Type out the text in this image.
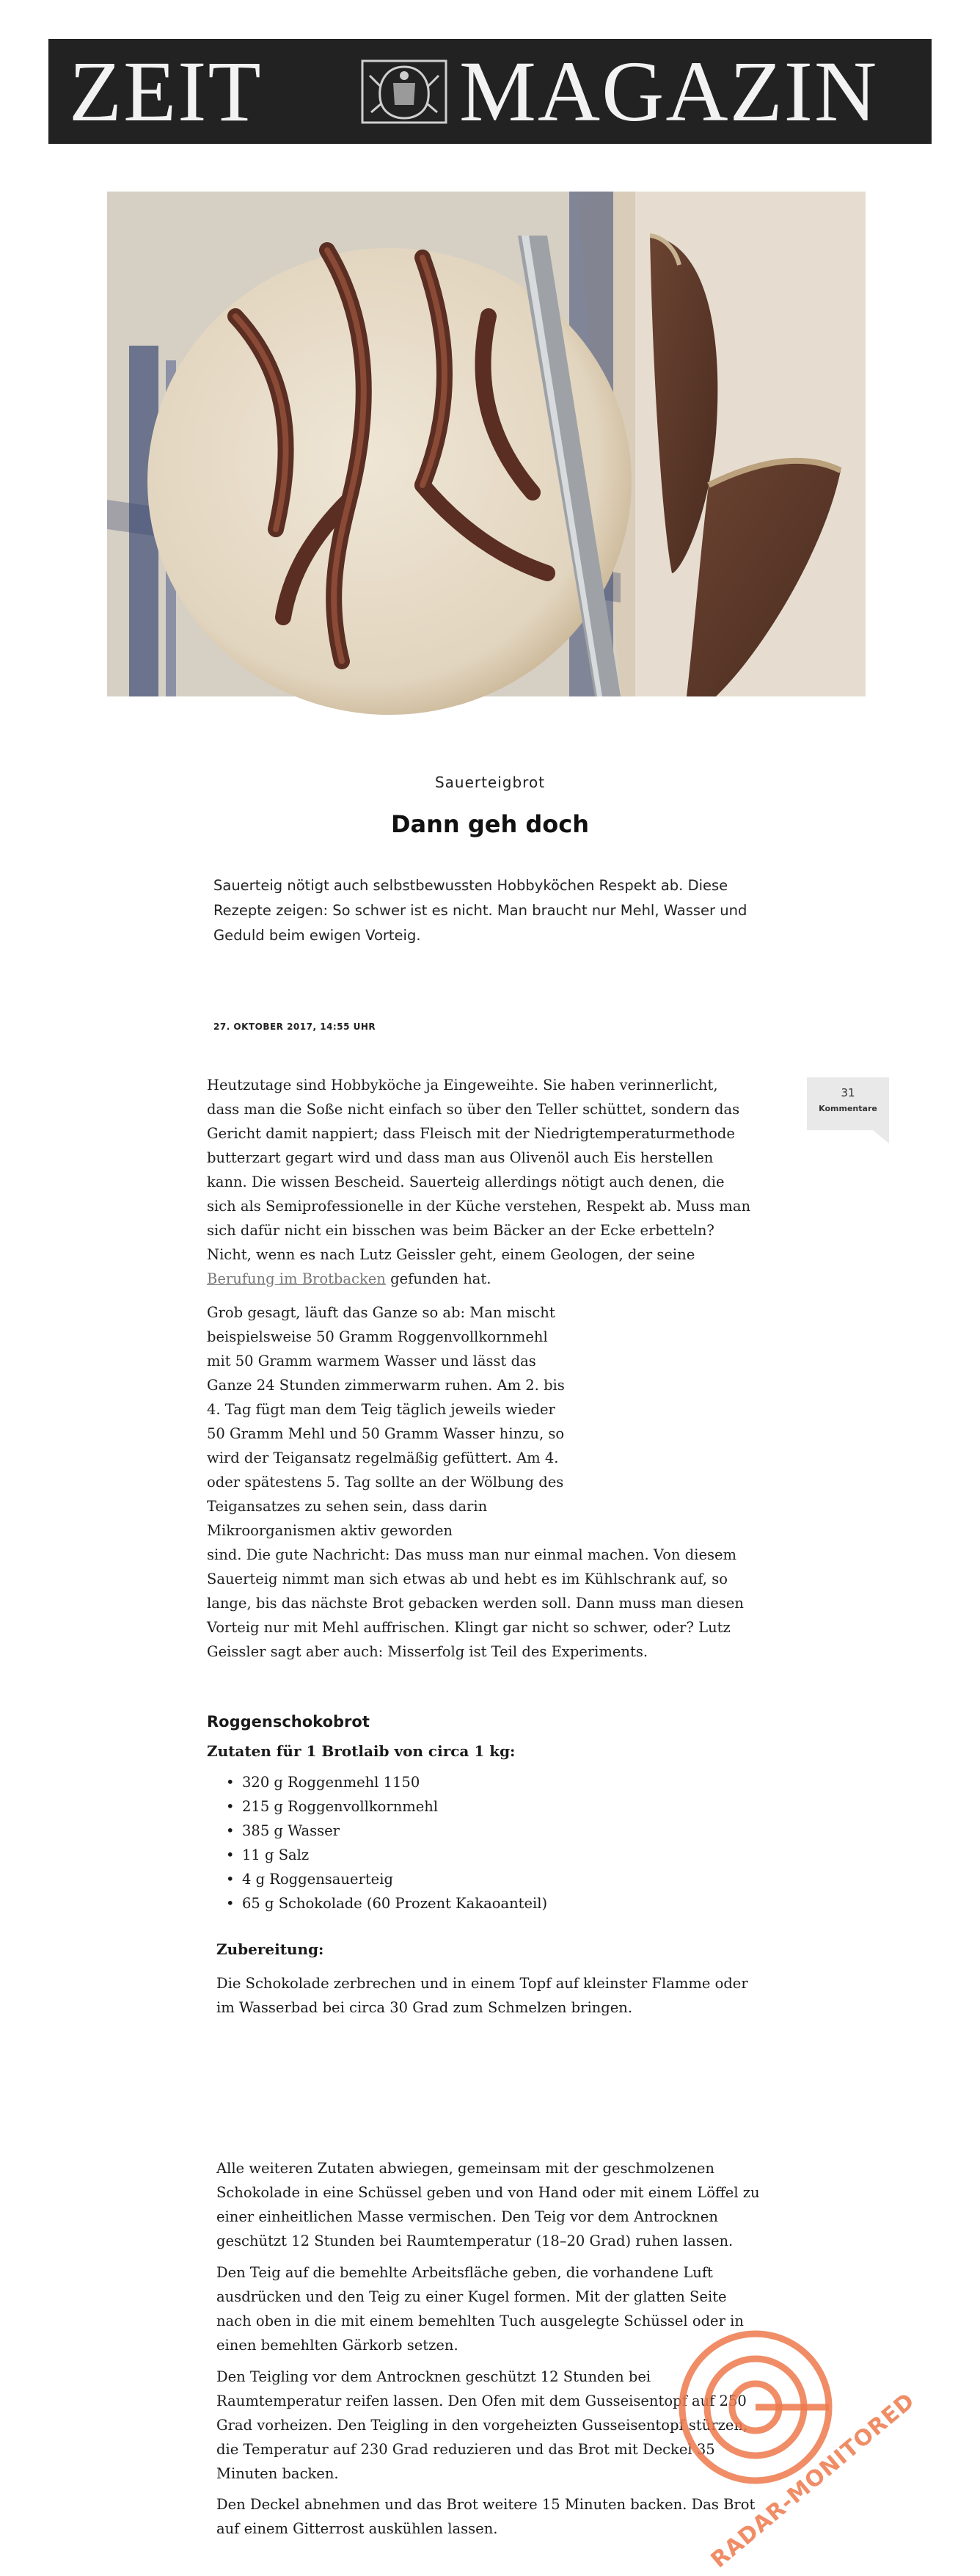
ZEIT MAGAZIN
Sauerteigbrot
Dann geh doch

Sauerteig nötigt auch selbstbewussten Hobbyköchen Respekt ab. Diese Rezepte zeigen: So schwer ist es nicht. Man braucht nur Mehl, Wasser und Geduld beim ewigen Vorteig.

27. OKTOBER 2017, 14:55 UHR
31
Kommentare

Heutzutage sind Hobbyköche ja Eingeweihte. Sie haben verinnerlicht, dass man die Soße nicht einfach so über den Teller schüttet, sondern das Gericht damit nappiert; dass Fleisch mit der Niedrigtemperaturmethode butterzart gegart wird und dass man aus Olivenöl auch Eis herstellen kann. Die wissen Bescheid. Sauerteig allerdings nötigt auch denen, die sich als Semiprofessionelle in der Küche verstehen, Respekt ab. Muss man sich dafür nicht ein bisschen was beim Bäcker an der Ecke erbetteln? Nicht, wenn es nach Lutz Geissler geht, einem Geologen, der seine Berufung im Brotbacken gefunden hat.

Grob gesagt, läuft das Ganze so ab: Man mischt beispielsweise 50 Gramm Roggenvollkornmehl mit 50 Gramm warmem Wasser und lässt das Ganze 24 Stunden zimmerwarm ruhen. Am 2. bis 4. Tag fügt man dem Teig täglich jeweils wieder 50 Gramm Mehl und 50 Gramm Wasser hinzu, so wird der Teigansatz regelmäßig gefüttert. Am 4. oder spätestens 5. Tag sollte an der Wölbung des Teigansatzes zu sehen sein, dass darin Mikroorganismen aktiv geworden
sind. Die gute Nachricht: Das muss man nur einmal machen. Von diesem Sauerteig nimmt man sich etwas ab und hebt es im Kühlschrank auf, so lange, bis das nächste Brot gebacken werden soll. Dann muss man diesen Vorteig nur mit Mehl auffrischen. Klingt gar nicht so schwer, oder? Lutz Geissler sagt aber auch: Misserfolg ist Teil des Experiments.

Roggenschokobrot
Zutaten für 1 Brotlaib von circa 1 kg:
• 320 g Roggenmehl 1150
• 215 g Roggenvollkornmehl
• 385 g Wasser
• 11 g Salz
• 4 g Roggensauerteig
• 65 g Schokolade (60 Prozent Kakaoanteil)
Zubereitung:

Die Schokolade zerbrechen und in einem Topf auf kleinster Flamme oder im Wasserbad bei circa 30 Grad zum Schmelzen bringen.

Alle weiteren Zutaten abwiegen, gemeinsam mit der geschmolzenen Schokolade in eine Schüssel geben und von Hand oder mit einem Löffel zu einer einheitlichen Masse vermischen. Den Teig vor dem Antrocknen geschützt 12 Stunden bei Raumtemperatur (18–20 Grad) ruhen lassen.

Den Teig auf die bemehlte Arbeitsfläche geben, die vorhandene Luft ausdrücken und den Teig zu einer Kugel formen. Mit der glatten Seite nach oben in die mit einem bemehlten Tuch ausgelegte Schüssel oder in einen bemehlten Gärkorb setzen.

Den Teigling vor dem Antrocknen geschützt 12 Stunden bei Raumtemperatur reifen lassen. Den Ofen mit dem Gusseisentopf auf 250 Grad vorheizen. Den Teigling in den vorgeheizten Gusseisentopf stürzen, die Temperatur auf 230 Grad reduzieren und das Brot mit Deckel 35 Minuten backen.

Den Deckel abnehmen und das Brot weitere 15 Minuten backen. Das Brot auf einem Gitterrost auskühlen lassen.	RADAR-MONITORED
